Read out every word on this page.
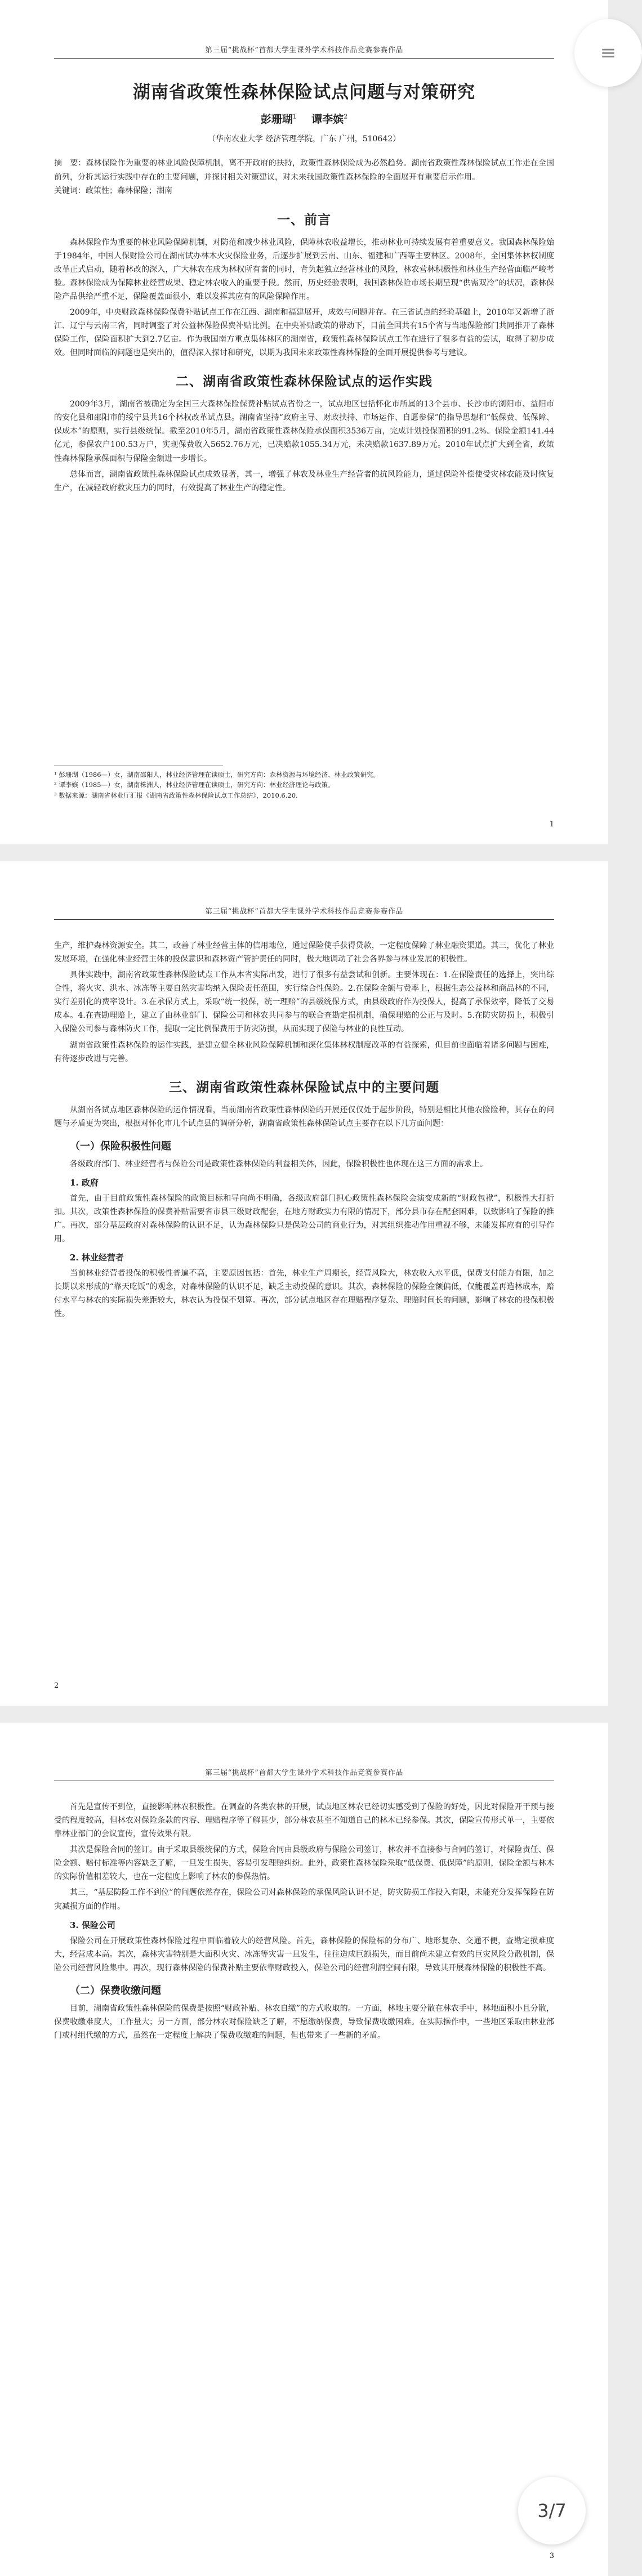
≡
第三届“挑战杯”首都大学生课外学术科技作品竞赛参赛作品
湖南省政策性森林保险试点问题与对策研究
彭珊瑚$^1$ 谭李嫔$^2$
（华南农业大学 经济管理学院，广东 广州，510642）

摘　要：森林保险作为重要的林业风险保障机制，离不开政府的扶持，政策性森林保险成为必然趋势。湖南省政策性森林保险试点工作走在全国前列，分析其运行实践中存在的主要问题，并探讨相关对策建议，对未来我国政策性森林保险的全面展开有重要启示作用。

关键词：政策性；森林保险；湖南

一、前言

森林保险作为重要的林业风险保障机制，对防范和减少林业风险，保障林农收益增长，推动林业可持续发展有着重要意义。我国森林保险始于1984年，中国人保财险公司在湖南试办林木火灾保险业务，后逐步扩展到云南、山东、福建和广西等主要林区。2008年，全国集体林权制度改革正式启动，随着林改的深入，广大林农在成为林权所有者的同时，背负起独立经营林业的风险，林农营林积极性和林业生产经营面临严峻考验。森林保险成为保障林业经营成果、稳定林农收入的重要手段。然而，历史经验表明，我国森林保险市场长期呈现“供需双冷”的状况，森林保险产品供给严重不足，保险覆盖面很小，难以发挥其应有的风险保障作用。

2009年，中央财政森林保险保费补贴试点工作在江西、湖南和福建展开，成效与问题并存。在三省试点的经验基础上，2010年又新增了浙江、辽宁与云南三省，同时调整了对公益林保险保费补贴比例。在中央补贴政策的带动下，目前全国共有15个省与当地保险部门共同推开了森林保险工作，保险面积扩大到2.7亿亩。作为我国南方重点集体林区的湖南省，政策性森林保险试点工作在进行了很多有益的尝试，取得了初步成效。但同时面临的问题也是突出的，值得深入探讨和研究，以期为我国未来政策性森林保险的全面开展提供参考与建议。

二、湖南省政策性森林保险试点的运作实践

2009年3月，湖南省被确定为全国三大森林保险保费补贴试点省份之一，试点地区包括怀化市所属的13个县市、长沙市的浏阳市、益阳市的安化县和邵阳市的绥宁县共16个林权改革试点县。湖南省坚持“政府主导、财政扶持、市场运作、自愿参保”的指导思想和“低保费、低保障、保成本”的原则，实行县级统保。截至2010年5月，湖南省政策性森林保险承保面积3536万亩，完成计划投保面积的91.2%。保险金额141.44亿元，参保农户100.53万户，实现保费收入5652.76万元，已决赔款1055.34万元，未决赔款1637.89万元。2010年试点扩大到全省，政策性森林保险承保面积与保险金额进一步增长。

总体而言，湖南省政策性森林保险试点成效显著，其一，增强了林农及林业生产经营者的抗风险能力，通过保险补偿使受灾林农能及时恢复生产，在减轻政府救灾压力的同时，有效提高了林业生产的稳定性。

¹ 彭珊瑚（1986—）女，湖南邵阳人，林业经济管理在读硕士，研究方向：森林资源与环境经济、林业政策研究。

² 谭李嫔（1985—）女，湖南株洲人，林业经济管理在读硕士，研究方向：林业经济理论与政策。

³ 数据来源：湖南省林业厅汇报《湖南省政策性森林保险试点工作总结》，2010.6.20.

1
第三届“挑战杯”首都大学生课外学术科技作品竞赛参赛作品

生产，维护森林资源安全。其二，改善了林业经营主体的信用地位，通过保险使手获得贷款，一定程度保障了林业融资渠道。其三，优化了林业发展环境，在强化林业经营主体的投保意识和森林资产管护责任的同时，极大地调动了社会各界参与林业发展的积极性。

具体实践中，湖南省政策性森林保险试点工作从本省实际出发，进行了很多有益尝试和创新。主要体现在：1.在保险责任的选择上，突出综合性，将火灾、洪水、冰冻等主要自然灾害均纳入保险责任范围，实行综合性保险。2.在保险金额与费率上，根据生态公益林和商品林的不同，实行差别化的费率设计。3.在承保方式上，采取“统一投保，统一理赔”的县级统保方式，由县级政府作为投保人，提高了承保效率，降低了交易成本。4.在查勘理赔上，建立了由林业部门、保险公司和林农共同参与的联合查勘定损机制，确保理赔的公正与及时。5.在防灾防损上，积极引入保险公司参与森林防火工作，提取一定比例保费用于防灾防损，从而实现了保险与林业的良性互动。

湖南省政策性森林保险的运作实践，是建立健全林业风险保障机制和深化集体林权制度改革的有益探索，但目前也面临着诸多问题与困难，有待逐步改进与完善。

三、湖南省政策性森林保险试点中的主要问题

从湖南各试点地区森林保险的运作情况看，当前湖南省政策性森林保险的开展还仅仅处于起步阶段，特别是相比其他农险险种，其存在的问题与矛盾更为突出，根据对怀化市几个试点县的调研分析，湖南省政策性森林保险试点主要存在以下几方面问题：

（一）保险积极性问题

各级政府部门、林业经营者与保险公司是政策性森林保险的利益相关体，因此，保险积极性也体现在这三方面的需求上。

1. 政府

首先，由于目前政策性森林保险的政策目标和导向尚不明确，各级政府部门担心政策性森林保险会演变成新的“财政包袱”，积极性大打折扣。其次，政策性森林保险的保费补贴需要省市县三级财政配套，在地方财政实力有限的情况下，部分县市存在配套困难，以致影响了保险的推广。再次，部分基层政府对森林保险的认识不足，认为森林保险只是保险公司的商业行为，对其组织推动作用重视不够，未能发挥应有的引导作用。

2. 林业经营者

当前林业经营者投保的积极性普遍不高，主要原因包括：首先，林业生产周期长，经营风险大，林农收入水平低，保费支付能力有限，加之长期以来形成的“靠天吃饭”的观念，对森林保险的认识不足，缺乏主动投保的意识。其次，森林保险的保险金额偏低，仅能覆盖再造林成本，赔付水平与林农的实际损失差距较大，林农认为投保不划算。再次，部分试点地区存在理赔程序复杂、理赔时间长的问题，影响了林农的投保积极性。

2
第三届“挑战杯”首都大学生课外学术科技作品竞赛参赛作品

首先是宣传不到位，直接影响林农积极性。在调查的各类农林的开展，试点地区林农已经切实感受到了保险的好处，因此对保险开干预与接受的程度较高，但林农对保险条款的内容、理赔程序等了解甚少，部分林农甚至不知道自己的林木已经参保。其次，保险宣传形式单一，主要依靠林业部门的会议宣传，宣传效果有限。

其次是保险合同的签订。由于采取县级统保的方式，保险合同由县级政府与保险公司签订，林农并不直接参与合同的签订，对保险责任、保险金额、赔付标准等内容缺乏了解，一旦发生损失，容易引发理赔纠纷。此外，政策性森林保险采取“低保费、低保障”的原则，保险金额与林木的实际价值相差较大，也在一定程度上影响了林农的参保热情。

其三，“基层防险工作不到位”的问题依然存在，保险公司对森林保险的承保风险认识不足，防灾防损工作投入有限，未能充分发挥保险在防灾减损方面的作用。

3. 保险公司

保险公司在开展政策性森林保险过程中面临着较大的经营风险。首先，森林保险的保险标的分布广、地形复杂、交通不便，查勘定损难度大，经营成本高。其次，森林灾害特别是大面积火灾、冰冻等灾害一旦发生，往往造成巨额损失，而目前尚未建立有效的巨灾风险分散机制，保险公司经营风险集中。再次，现行森林保险的保费补贴主要依靠财政投入，保险公司的经营利润空间有限，导致其开展森林保险的积极性不高。

（二）保费收缴问题

目前，湖南省政策性森林保险的保费是按照“财政补贴、林农自缴”的方式收取的。一方面，林地主要分散在林农手中，林地面积小且分散，保费收缴难度大，工作量大；另一方面，部分林农对保险缺乏了解，不愿缴纳保费，导致保费收缴困难。在实际操作中，一些地区采取由林业部门或村组代缴的方式，虽然在一定程度上解决了保费收缴难的问题，但也带来了一些新的矛盾。

3
3/7
